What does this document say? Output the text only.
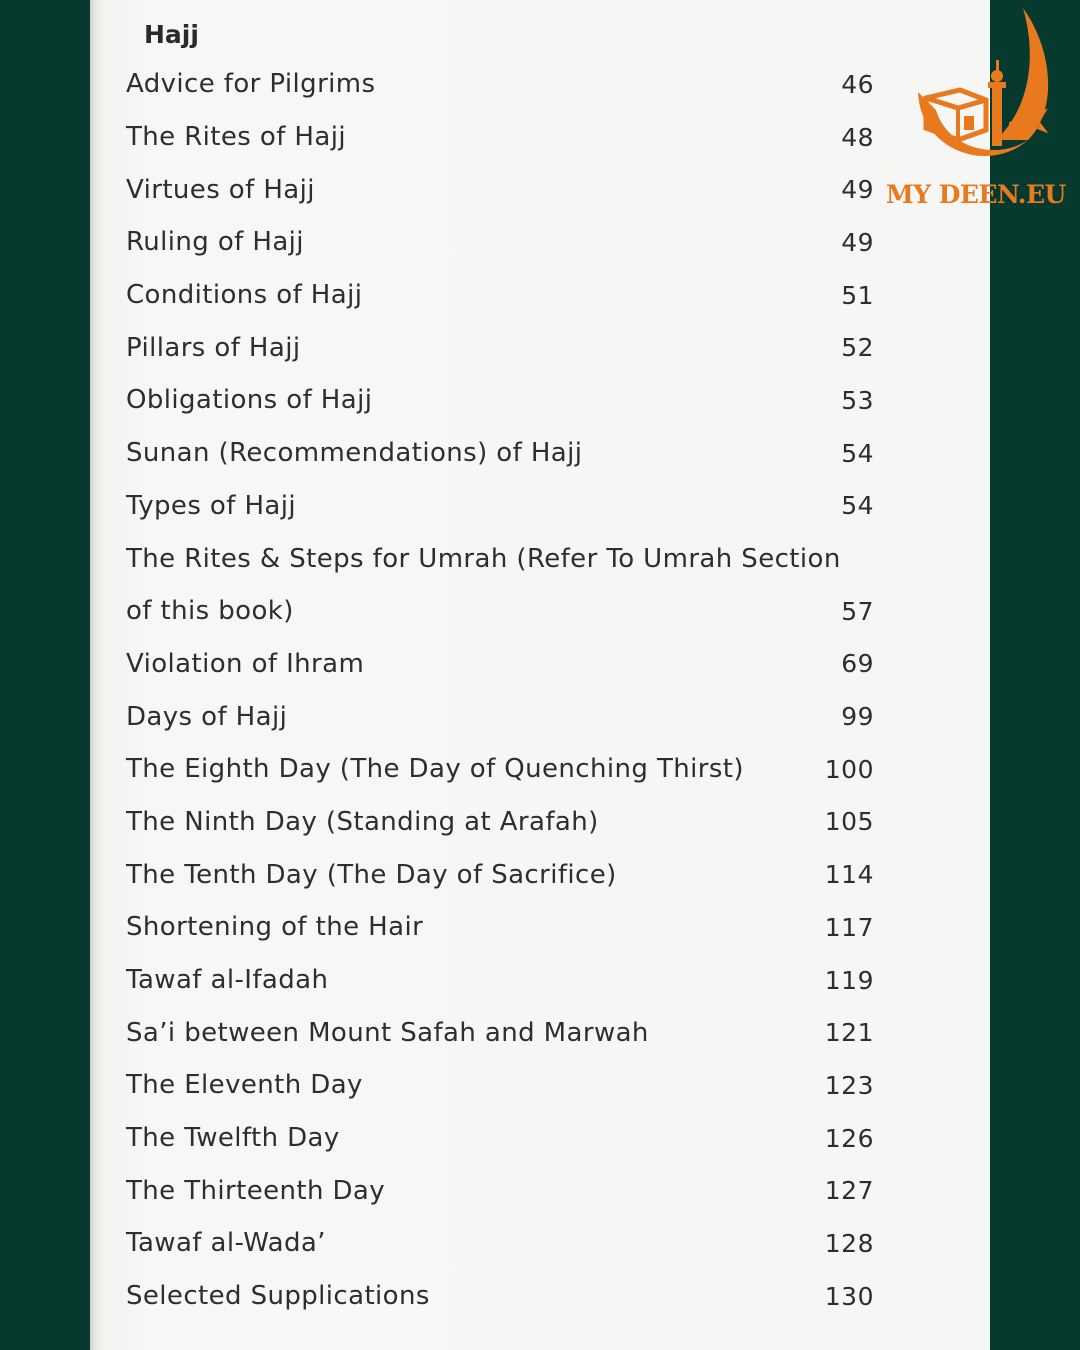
Hajj
Advice for Pilgrims	46
The Rites of Hajj	48
Virtues of Hajj	49
Ruling of Hajj	49
Conditions of Hajj	51
Pillars of Hajj	52
Obligations of Hajj	53
Sunan (Recommendations) of Hajj	54
Types of Hajj	54
The Rites & Steps for Umrah (Refer To Umrah Section
of this book)	57
Violation of Ihram	69
Days of Hajj	99
The Eighth Day (The Day of Quenching Thirst)	100
The Ninth Day (Standing at Arafah)	105
The Tenth Day (The Day of Sacrifice)	114
Shortening of the Hair	117
Tawaf al-Ifadah	119
Sa’i between Mount Safah and Marwah	121
The Eleventh Day	123
The Twelfth Day	126
The Thirteenth Day	127
Tawaf al-Wada’	128
Selected Supplications	130
MY DEEN.EU
